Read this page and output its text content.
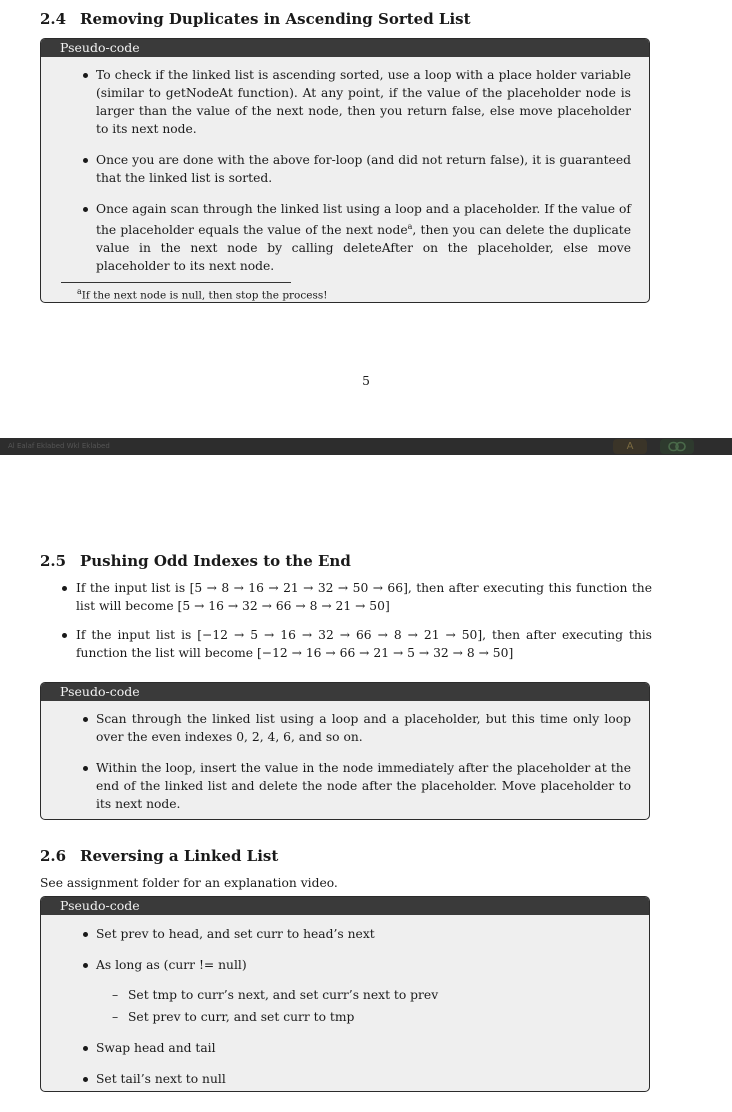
2.4 Removing Duplicates in Ascending Sorted List
Pseudo-code
To check if the linked list is ascending sorted, use a loop with a place holder variable (similar to getNodeAt function). At any point, if the value of the placeholder node is larger than the value of the next node, then you return false, else move placeholder to its next node.
Once you are done with the above for-loop (and did not return false), it is guaranteed that the linked list is sorted.
Once again scan through the linked list using a loop and a placeholder. If the value of the placeholder equals the value of the next node$^a$, then you can delete the duplicate value in the next node by calling deleteAfter on the placeholder, else move placeholder to its next node.
$^a$If the next node is null, then stop the process!
5
Al Ealaf Eklabed Wkl Eklabed	A
2.5 Pushing Odd Indexes to the End
If the input list is [5 → 8 → 16 → 21 → 32 → 50 → 66], then after executing this function the list will become [5 → 16 → 32 → 66 → 8 → 21 → 50]
If the input list is [−12 → 5 → 16 → 32 → 66 → 8 → 21 → 50], then after executing this function the list will become [−12 → 16 → 66 → 21 → 5 → 32 → 8 → 50]
Pseudo-code
Scan through the linked list using a loop and a placeholder, but this time only loop over the even indexes 0, 2, 4, 6, and so on.
Within the loop, insert the value in the node immediately after the placeholder at the end of the linked list and delete the node after the placeholder. Move placeholder to its next node.
2.6 Reversing a Linked List
See assignment folder for an explanation video.
Pseudo-code
Set prev to head, and set curr to head’s next
As long as (curr != null)
– Set tmp to curr’s next, and set curr’s next to prev
– Set prev to curr, and set curr to tmp
Swap head and tail
Set tail’s next to null
